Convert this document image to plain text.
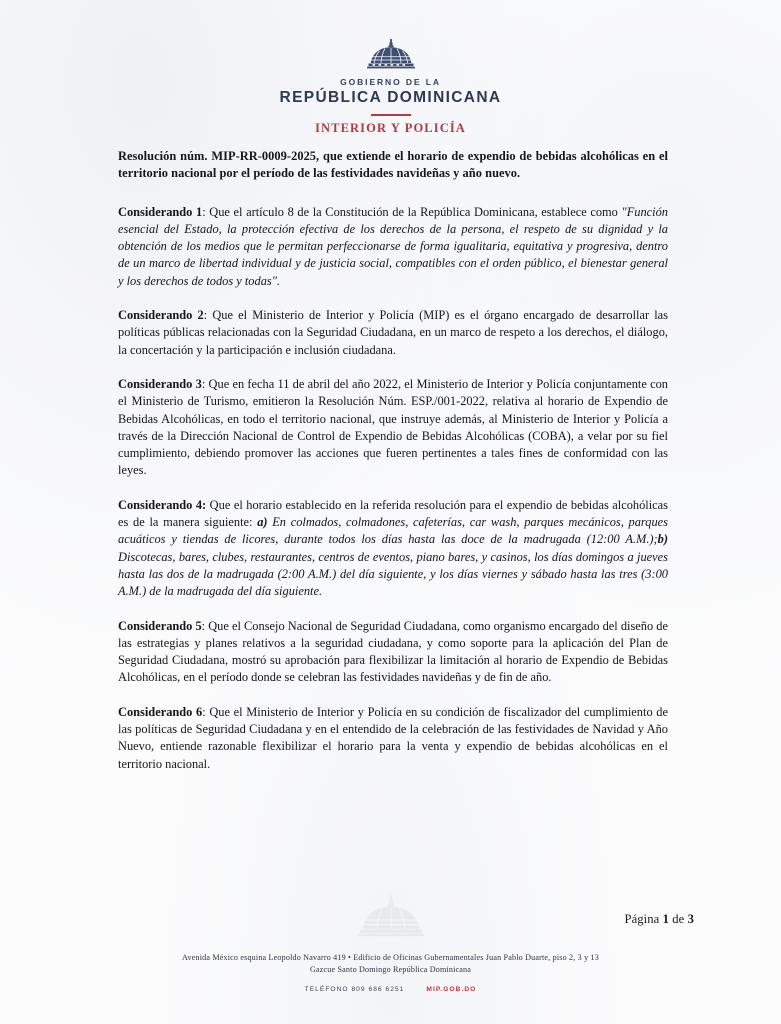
GOBIERNO DE LA
REPÚBLICA DOMINICANA
INTERIOR Y POLICÍA

Resolución núm. MIP-RR-0009-2025, que extiende el horario de expendio de bebidas alcohólicas en el territorio nacional por el período de las festividades navideñas y año nuevo.

Considerando 1: Que el artículo 8 de la Constitución de la República Dominicana, establece como "Función esencial del Estado, la protección efectiva de los derechos de la persona, el respeto de su dignidad y la obtención de los medios que le permitan perfeccionarse de forma igualitaria, equitativa y progresiva, dentro de un marco de libertad individual y de justicia social, compatibles con el orden público, el bienestar general y los derechos de todos y todas".

Considerando 2: Que el Ministerio de Interior y Policía (MIP) es el órgano encargado de desarrollar las políticas públicas relacionadas con la Seguridad Ciudadana, en un marco de respeto a los derechos, el diálogo, la concertación y la participación e inclusión ciudadana.

Considerando 3: Que en fecha 11 de abril del año 2022, el Ministerio de Interior y Policía conjuntamente con el Ministerio de Turismo, emitieron la Resolución Núm. ESP./001-2022, relativa al horario de Expendio de Bebidas Alcohólicas, en todo el territorio nacional, que instruye además, al Ministerio de Interior y Policía a través de la Dirección Nacional de Control de Expendio de Bebidas Alcohólicas (COBA), a velar por su fiel cumplimiento, debiendo promover las acciones que fueren pertinentes a tales fines de conformidad con las leyes.

Considerando 4: Que el horario establecido en la referida resolución para el expendio de bebidas alcohólicas es de la manera siguiente: a) En colmados, colmadones, cafeterías, car wash, parques mecánicos, parques acuáticos y tiendas de licores, durante todos los días hasta las doce de la madrugada (12:00 A.M.);b) Discotecas, bares, clubes, restaurantes, centros de eventos, piano bares, y casinos, los días domingos a jueves hasta las dos de la madrugada (2:00 A.M.) del día siguiente, y los días viernes y sábado hasta las tres (3:00 A.M.) de la madrugada del día siguiente.

Considerando 5: Que el Consejo Nacional de Seguridad Ciudadana, como organismo encargado del diseño de las estrategias y planes relativos a la seguridad ciudadana, y como soporte para la aplicación del Plan de Seguridad Ciudadana, mostró su aprobación para flexibilizar la limitación al horario de Expendio de Bebidas Alcohólicas, en el período donde se celebran las festividades navideñas y de fin de año.

Considerando 6: Que el Ministerio de Interior y Policía en su condición de fiscalizador del cumplimiento de las políticas de Seguridad Ciudadana y en el entendido de la celebración de las festividades de Navidad y Año Nuevo, entiende razonable flexibilizar el horario para la venta y expendio de bebidas alcohólicas en el territorio nacional.

Página 1 de 3
Avenida México esquina Leopoldo Navarro 419 • Edificio de Oficinas Gubernamentales Juan Pablo Duarte, piso 2, 3 y 13
Gazcue Santo Domingo República Dominicana
TELÉFONO 809 686 6251	MIP.GOB.DO
